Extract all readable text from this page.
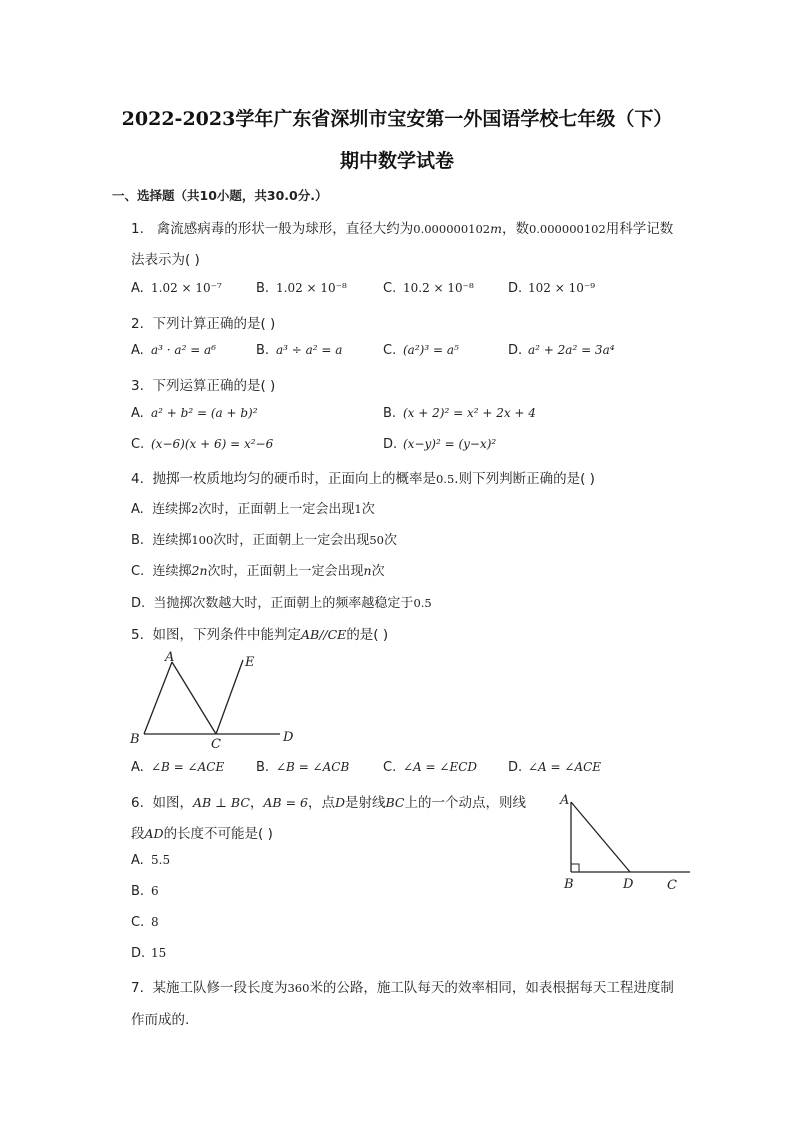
2022-2023学年广东省深圳市宝安第一外国语学校七年级（下）
期中数学试卷
一、选择题（共10小题，共30.0分.）
1. 禽流感病毒的形状一般为球形，直径大约为0.000000102m，数0.000000102用科学记数
法表示为( )
A. 1.02 × 10⁻⁷	B. 1.02 × 10⁻⁸	C. 10.2 × 10⁻⁸	D. 102 × 10⁻⁹
2. 下列计算正确的是( )
A. a³ · a² = a⁶	B. a³ ÷ a² = a	C. (a²)³ = a⁵	D. a² + 2a² = 3a⁴
3. 下列运算正确的是( )
A. a² + b² = (a + b)²	B. (x + 2)² = x² + 2x + 4
C. (x−6)(x + 6) = x²−6	D. (x−y)² = (y−x)²
4. 抛掷一枚质地均匀的硬币时，正面向上的概率是0.5.则下列判断正确的是( )
A. 连续掷2次时，正面朝上一定会出现1次
B. 连续掷100次时，正面朝上一定会出现50次
C. 连续掷2n次时，正面朝上一定会出现n次
D. 当抛掷次数越大时，正面朝上的频率越稳定于0.5
5. 如图，下列条件中能判定AB//CE的是( )
A	E
B	C	D
A. ∠B = ∠ACE B. ∠B = ∠ACB	C. ∠A = ∠ECD D. ∠A = ∠ACE
6. 如图，AB ⊥ BC，AB = 6，点D是射线BC上的一个动点，则线
段AD的长度不可能是( )
A
B	D	C
A. 5.5
B. 6
C. 8
D. 15
7. 某施工队修一段长度为360米的公路，施工队每天的效率相同，如表根据每天工程进度制
作而成的.
